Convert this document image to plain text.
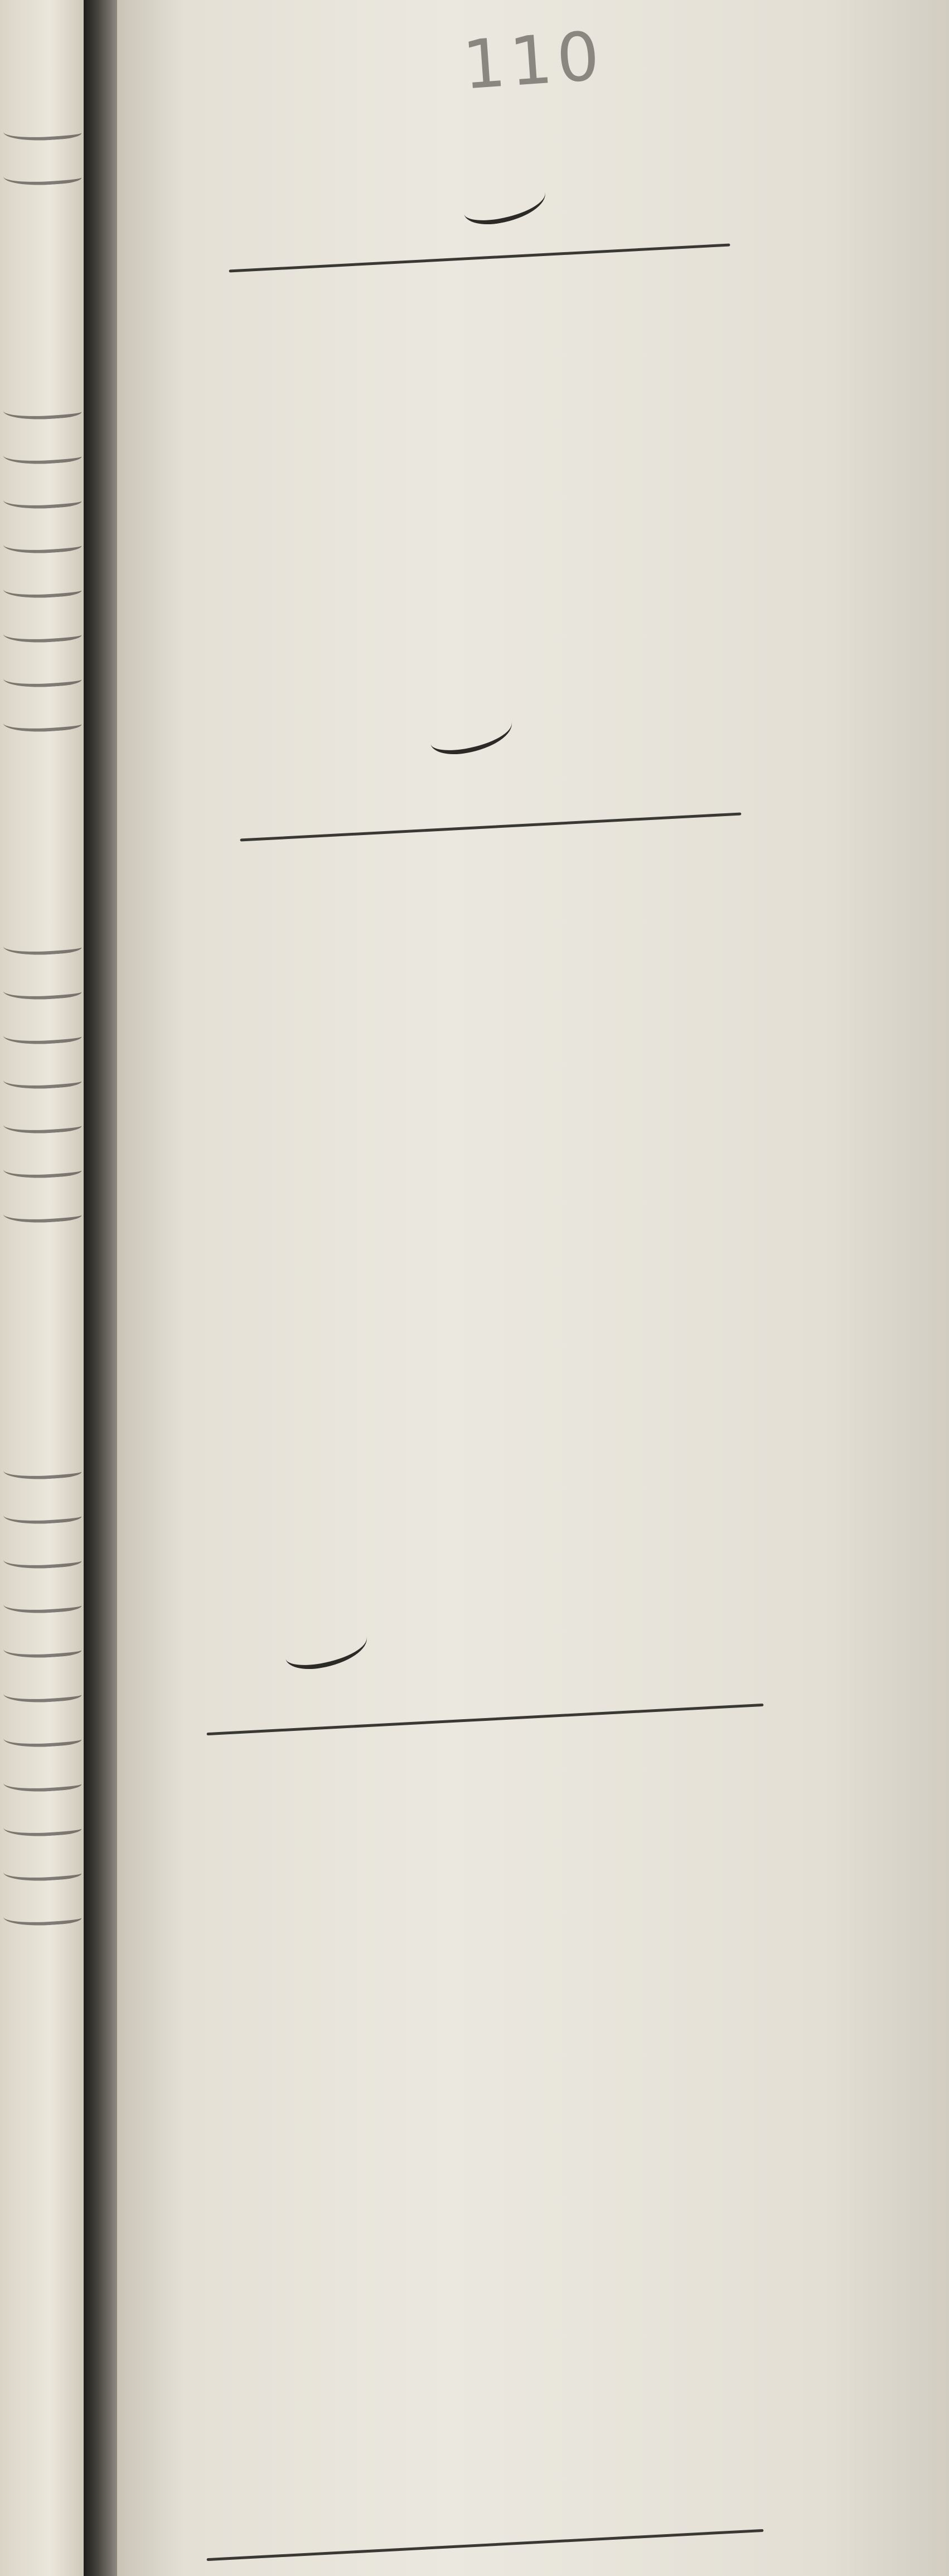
110
